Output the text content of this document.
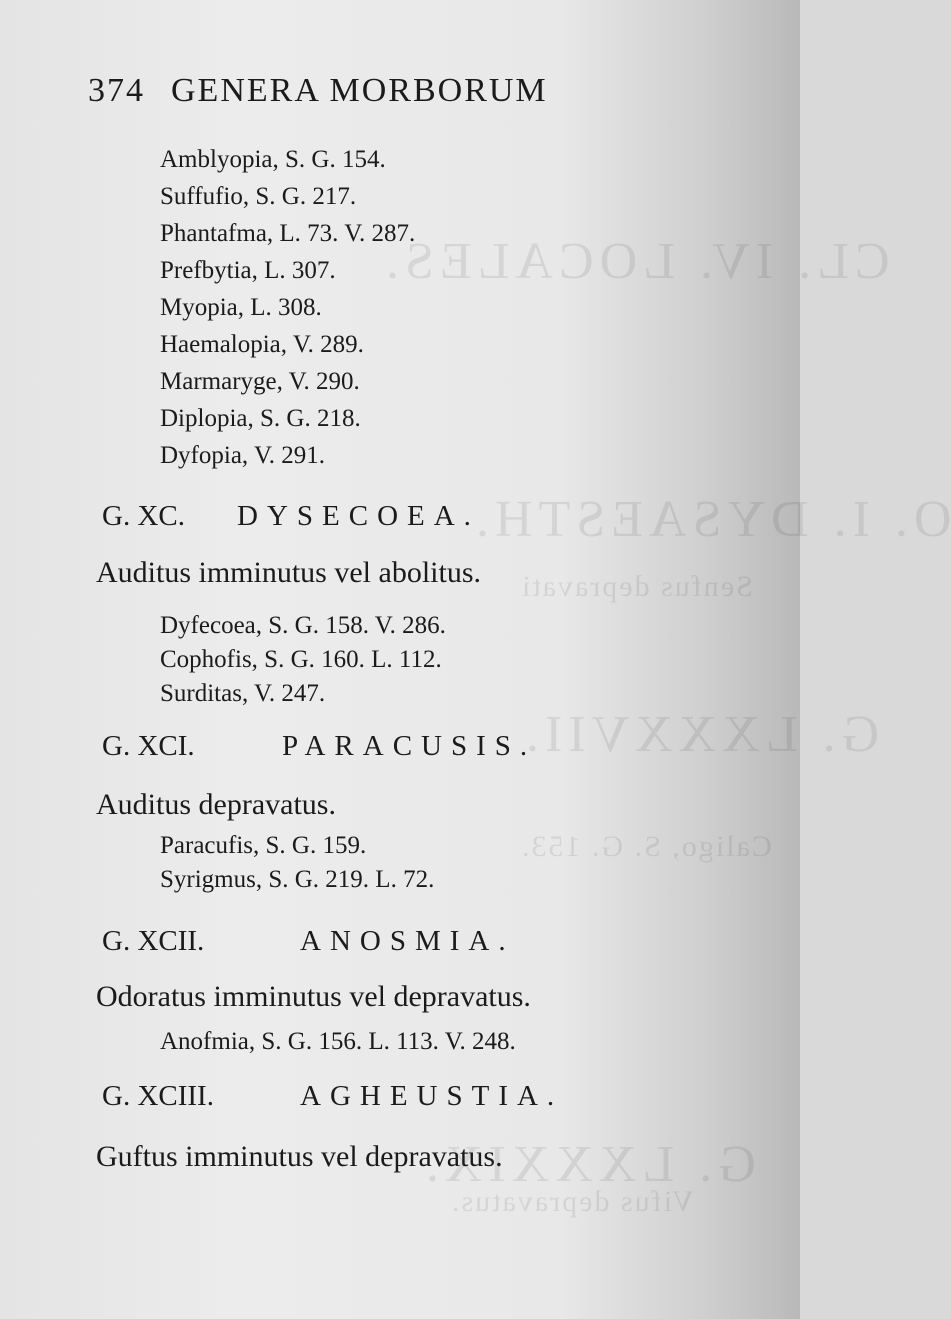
CL. IV. LOCALES.
O. I. DYSAESTH.
Senfus depravati
G. LXXXVII.
Caligo, S. G. 153.
G. LXXXIX.
Vifus depravatus.
374 GENERA MORBORUM
Amblyopia, S. G. 154.
Suffufio, S. G. 217.
Phantafma, L. 73. V. 287.
Prefbytia, L. 307.
Myopia, L. 308.
Haemalopia, V. 289.
Marmaryge, V. 290.
Diplopia, S. G. 218.
Dyfopia, V. 291.
G. XC. DYSECOEA.
Auditus imminutus vel abolitus.
Dyfecoea, S. G. 158. V. 286.
Cophofis, S. G. 160. L. 112.
Surditas, V. 247.
G. XCI.	PARACUSIS.
Auditus depravatus.
Paracufis, S. G. 159.
Syrigmus, S. G. 219. L. 72.
G. XCII.	ANOSMIA.
Odoratus imminutus vel depravatus.
Anofmia, S. G. 156. L. 113. V. 248.
G. XCIII.	AGHEUSTIA.
Guftus imminutus vel depravatus.
